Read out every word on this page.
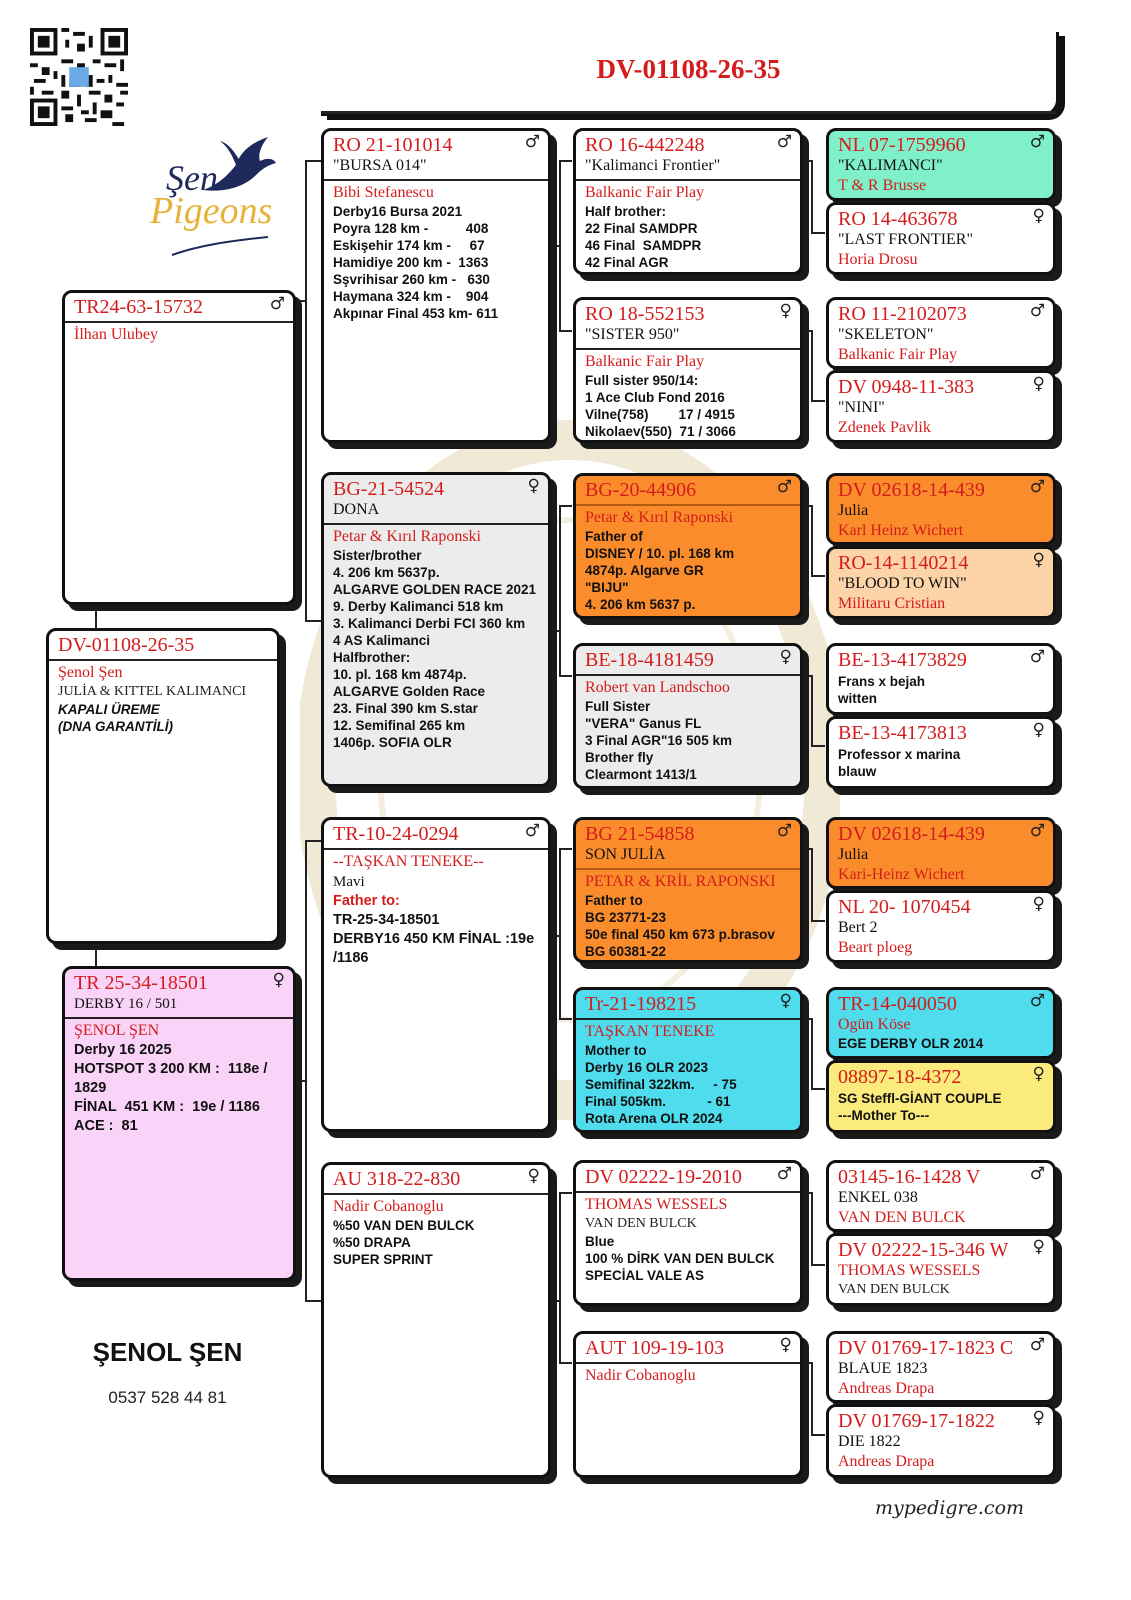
Şen
Pigeons
DV-01108-26-35
TR24-63-15732	♂
İlhan Ulubey
DV-01108-26-35
Şenol Şen
JULİA & KITTEL KALIMANCI
KAPALI ÜREME
(DNA GARANTİLİ)
TR 25-34-18501	♀
DERBY 16 / 501
ŞENOL ŞEN
Derby 16 2025
HOTSPOT 3 200 KM :  118e /
1829
FİNAL  451 KM :  19e / 1186
ACE :  81
ŞENOL ŞEN
0537 528 44 81
mypedigre.com
RO 21-101014	♂
"BURSA 014"
Bibi Stefanescu
Derby16 Bursa 2021
Poyra 128 km -          408
Eskişehir 174 km -     67
Hamidiye 200 km -  1363
Sşvrihisar 260 km -   630
Haymana 324 km -    904
Akpınar Final 453 km- 611
BG-21-54524	♀
DONA
Petar & Kırıl Raponski
Sister/brother
4. 206 km 5637p.
ALGARVE GOLDEN RACE 2021
9. Derby Kalimanci 518 km
3. Kalimanci Derbi FCI 360 km
4 AS Kalimanci
Halfbrother:
10. pl. 168 km 4874p.
ALGARVE Golden Race
23. Final 390 km S.star
12. Semifinal 265 km
1406p. SOFIA OLR
TR-10-24-0294	♂
--TAŞKAN TENEKE--
Mavi
Father to:
TR-25-34-18501
DERBY16 450 KM FİNAL :19e
/1186
AU 318-22-830	♀
Nadir Cobanoglu
%50 VAN DEN BULCK
%50 DRAPA
SUPER SPRINT
RO 16-442248	♂
"Kalimanci Frontier"
Balkanic Fair Play
Half brother:
22 Final SAMDPR
46 Final  SAMDPR
42 Final AGR
RO 18-552153	♀
"SISTER 950"
Balkanic Fair Play
Full sister 950/14:
1 Ace Club Fond 2016
Vilne(758)        17 / 4915
Nikolaev(550)  71 / 3066
BG-20-44906	♂
Petar & Kırıl Raponski
Father of
DISNEY / 10. pl. 168 km
4874p. Algarve GR
"BIJU"
4. 206 km 5637 p.
BE-18-4181459	♀
Robert van Landschoo
Full Sister
"VERA" Ganus FL
3 Final AGR"16 505 km
Brother fly
Clearmont 1413/1
BG 21-54858	♂
SON JULİA
PETAR & KRİL RAPONSKI
Father to
BG 23771-23
50e final 450 km 673 p.brasov
BG 60381-22
Tr-21-198215	♀
TAŞKAN TENEKE
Mother to
Derby 16 OLR 2023
Semifinal 322km.     - 75
Final 505km.           - 61
Rota Arena OLR 2024
DV 02222-19-2010	♂
THOMAS WESSELS
VAN DEN BULCK
Blue
100 % DİRK VAN DEN BULCK
SPECİAL VALE AS
AUT 109-19-103	♀
Nadir Cobanoglu
NL 07-1759960	♂
"KALIMANCI"
T & R Brusse
RO 14-463678	♀
"LAST FRONTIER"
Horia Drosu
RO 11-2102073	♂
"SKELETON"
Balkanic Fair Play
DV 0948-11-383	♀
"NINI"
Zdenek Pavlik
DV 02618-14-439	♂
Julia
Karl Heinz Wichert
RO-14-1140214	♀
"BLOOD TO WIN"
Militaru Cristian
BE-13-4173829	♂
Frans x bejah
witten
BE-13-4173813	♀
Professor x marina
blauw
DV 02618-14-439	♂
Julia
Kari-Heinz Wichert
NL 20- 1070454	♀
Bert 2
Beart ploeg
TR-14-040050	♂
Ogün Köse
EGE DERBY OLR 2014
08897-18-4372	♀
SG Steffl-GİANT COUPLE
---Mother To---
03145-16-1428 V	♂
ENKEL 038
VAN DEN BULCK
DV 02222-15-346 W	♀
THOMAS WESSELS
VAN DEN BULCK
DV 01769-17-1823 C ♂
BLAUE 1823
Andreas Drapa
DV 01769-17-1822	♀
DIE 1822
Andreas Drapa
